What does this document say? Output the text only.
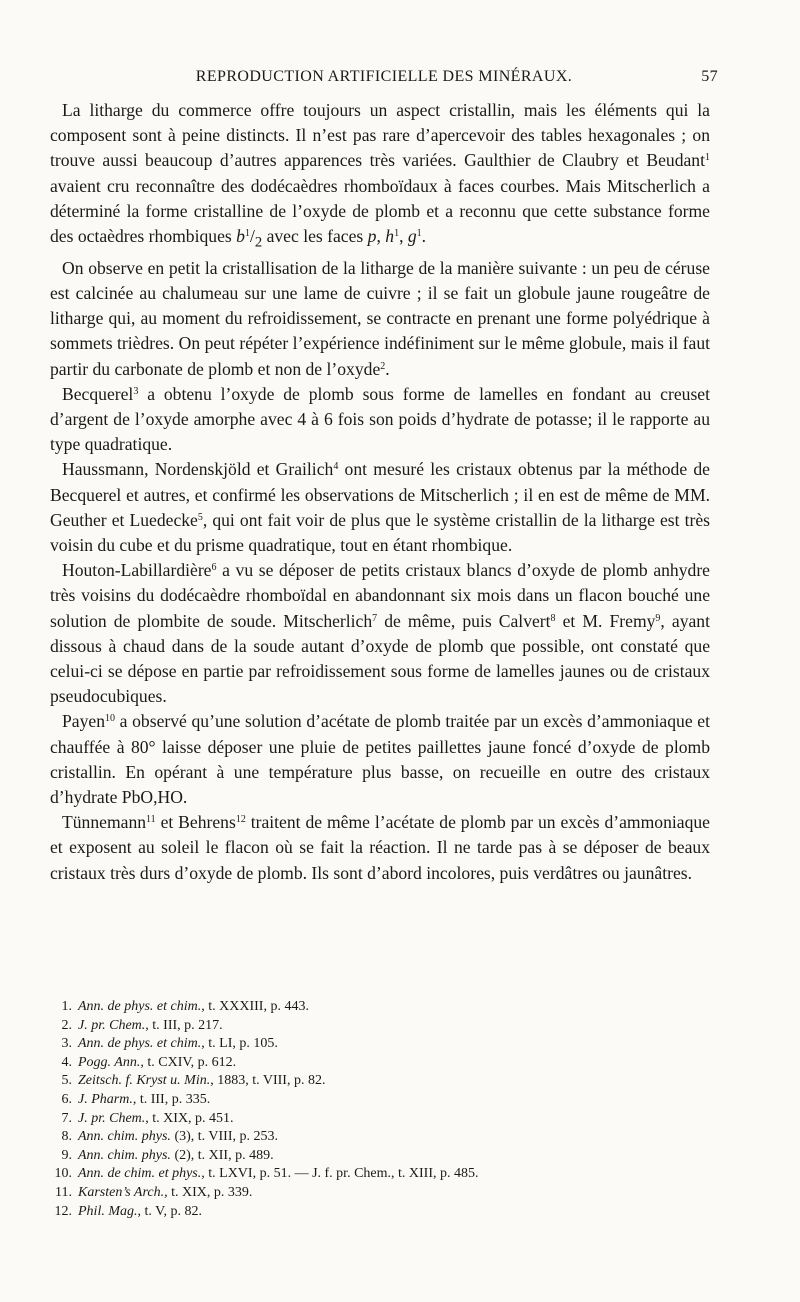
REPRODUCTION ARTIFICIELLE DES MINÉRAUX.	57

La litharge du commerce offre toujours un aspect cristallin, mais les éléments qui la composent sont à peine distincts. Il n’est pas rare d’apercevoir des tables hexagonales ; on trouve aussi beaucoup d’autres apparences très variées. Gaulthier de Claubry et Beudant$^1$ avaient cru reconnaître des dodécaèdres rhomboïdaux à faces courbes. Mais Mitscherlich a déterminé la forme cristalline de l’oxyde de plomb et a reconnu que cette substance forme des octaèdres rhombiques $b^1/_2$ avec les faces p, $h^1$, $g^1$.

On observe en petit la cristallisation de la litharge de la manière suivante : un peu de céruse est calcinée au chalumeau sur une lame de cuivre ; il se fait un globule jaune rougeâtre de litharge qui, au moment du refroidissement, se contracte en prenant une forme polyédrique à sommets trièdres. On peut répéter l’expérience indéfiniment sur le même globule, mais il faut partir du carbonate de plomb et non de l’oxyde$^2$.

Becquerel$^3$ a obtenu l’oxyde de plomb sous forme de lamelles en fondant au creuset d’argent de l’oxyde amorphe avec 4 à 6 fois son poids d’hydrate de potasse; il le rapporte au type quadratique.

Haussmann, Nordenskjöld et Grailich$^4$ ont mesuré les cristaux obtenus par la méthode de Becquerel et autres, et confirmé les observations de Mitscherlich ; il en est de même de MM. Geuther et Luedecke$^5$, qui ont fait voir de plus que le système cristallin de la litharge est très voisin du cube et du prisme quadratique, tout en étant rhombique.

Houton-Labillardière$^6$ a vu se déposer de petits cristaux blancs d’oxyde de plomb anhydre très voisins du dodécaèdre rhomboïdal en abandonnant six mois dans un flacon bouché une solution de plombite de soude. Mitscherlich$^7$ de même, puis Calvert$^8$ et M. Fremy$^9$, ayant dissous à chaud dans de la soude autant d’oxyde de plomb que possible, ont constaté que celui-ci se dépose en partie par refroidissement sous forme de lamelles jaunes ou de cristaux pseudocubiques.

Payen$^{10}$ a observé qu’une solution d’acétate de plomb traitée par un excès d’ammoniaque et chauffée à 80° laisse déposer une pluie de petites paillettes jaune foncé d’oxyde de plomb cristallin. En opérant à une température plus basse, on recueille en outre des cristaux d’hydrate PbO,HO.

Tünnemann$^{11}$ et Behrens$^{12}$ traitent de même l’acétate de plomb par un excès d’ammoniaque et exposent au soleil le flacon où se fait la réaction. Il ne tarde pas à se déposer de beaux cristaux très durs d’oxyde de plomb. Ils sont d’abord incolores, puis verdâtres ou jaunâtres.

1. Ann. de phys. et chim., t. XXXIII, p. 443.
2. J. pr. Chem., t. III, p. 217.
3. Ann. de phys. et chim., t. LI, p. 105.
4. Pogg. Ann., t. CXIV, p. 612.
5. Zeitsch. f. Kryst u. Min., 1883, t. VIII, p. 82.
6. J. Pharm., t. III, p. 335.
7. J. pr. Chem., t. XIX, p. 451.
8. Ann. chim. phys. (3), t. VIII, p. 253.
9. Ann. chim. phys. (2), t. XII, p. 489.
10. Ann. de chim. et phys., t. LXVI, p. 51. — J. f. pr. Chem., t. XIII, p. 485.
11. Karsten’s Arch., t. XIX, p. 339.
12. Phil. Mag., t. V, p. 82.
